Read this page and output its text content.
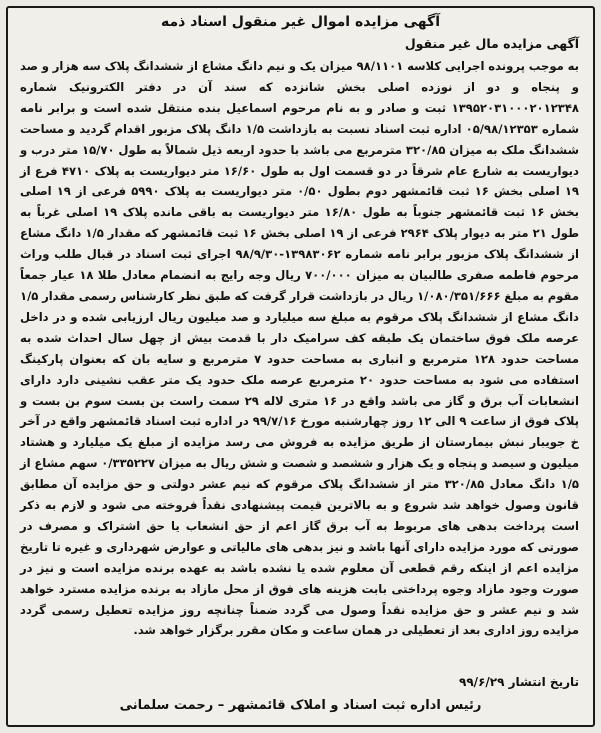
آگهی مزایده اموال غیر منقول اسناد ذمه
آگهی مزایده مال غیر منقول
به موجب پرونده اجرایی کلاسه ۹۸/۱۱۰۱ میزان یک و نیم دانگ مشاع از ششدانگ پلاک سه هزار و صد و پنجاه و دو از نوزده اصلی بخش شانزده که سند آن در دفتر الکترونیک شماره ۱۳۹۵۲۰۳۱۰۰۰۲۰۱۲۳۴۸ ثبت و صادر و به نام مرحوم اسماعیل بنده منتقل شده است و برابر نامه شماره ۰۵/۹۸/۱۲۳۵۳ اداره ثبت اسناد نسبت به بازداشت ۱/۵ دانگ پلاک مزبور اقدام گردید و مساحت ششدانگ ملک به میزان ۳۲۰/۸۵ مترمربع می باشد با حدود اربعه ذیل شمالاً به طول ۱۵/۷۰ متر درب و دیواریست به شارع عام شرقاً در دو قسمت اول به طول ۱۶/۶۰ متر دیواریست به پلاک ۴۷۱۰ فرع از ۱۹ اصلی بخش ۱۶ ثبت قائمشهر دوم بطول ۰/۵۰ متر دیواریست به پلاک ۵۹۹۰ فرعی از ۱۹ اصلی بخش ۱۶ ثبت قائمشهر جنوباً به طول ۱۶/۸۰ متر دیواریست به باقی مانده پلاک ۱۹ اصلی غرباً به طول ۲۱ متر به دیوار پلاک ۲۹۶۴ فرعی از ۱۹ اصلی بخش ۱۶ ثبت قائمشهر که مقدار ۱/۵ دانگ مشاع از ششدانگ پلاک مزبور برابر نامه شماره ۱۳۹۸۳۰۶۲-۹۸/۹/۳۰ اجرای ثبت اسناد در قبال طلب وراث مرحوم فاطمه صفری طالبیان به میزان ۷۰۰/۰۰۰ ریال وجه رایج به انضمام معادل طلا ۱۸ عیار جمعاً مقوم به مبلغ ۱/۰۸۰/۳۵۱/۶۶۶ ریال در بازداشت قرار گرفت که طبق نظر کارشناس رسمی مقدار ۱/۵ دانگ مشاع از ششدانگ پلاک مرقوم به مبلغ سه میلیارد و صد میلیون ریال ارزیابی شده و در داخل عرصه ملک فوق ساختمان یک طبقه کف سرامیک دار با قدمت بیش از چهل سال احداث شده به مساحت حدود ۱۲۸ مترمربع و انباری به مساحت حدود ۷ مترمربع و سایه بان که بعنوان پارکینگ استفاده می شود به مساحت حدود ۲۰ مترمربع عرصه ملک حدود یک متر عقب نشینی دارد دارای انشعابات آب برق و گاز می باشد واقع در ۱۶ متری لاله ۲۹ سمت راست بن بست سوم بن بست و پلاک فوق از ساعت ۹ الی ۱۲ روز چهارشنبه مورخ ۹۹/۷/۱۶ در اداره ثبت اسناد قائمشهر واقع در آخر خ جویبار نبش بیمارستان از طریق مزایده به فروش می رسد مزایده از مبلغ یک میلیارد و هشتاد میلیون و سیصد و پنجاه و یک هزار و ششصد و شصت و شش ریال به میزان ۰/۳۳۵۲۲۷ سهم مشاع از ۱/۵ دانگ معادل ۳۲۰/۸۵ متر از ششدانگ پلاک مرقوم که نیم عشر دولتی و حق مزایده آن مطابق قانون وصول خواهد شد شروع و به بالاترین قیمت پیشنهادی نقداً فروخته می شود و لازم به ذکر است پرداخت بدهی های مربوط به آب برق گاز اعم از حق انشعاب یا حق اشتراک و مصرف در صورتی که مورد مزایده دارای آنها باشد و نیز بدهی های مالیاتی و عوارض شهرداری و غیره تا تاریخ مزایده اعم از اینکه رقم قطعی آن معلوم شده یا نشده باشد به عهده برنده مزایده است و نیز در صورت وجود مازاد وجوه پرداختی بابت هزینه های فوق از محل مازاد به برنده مزایده مسترد خواهد شد و نیم عشر و حق مزایده نقداً وصول می گردد ضمناً چنانچه روز مزایده تعطیل رسمی گردد مزایده روز اداری بعد از تعطیلی در همان ساعت و مکان مقرر برگزار خواهد شد.
تاریخ انتشار ۹۹/۶/۲۹
رئیس اداره ثبت اسناد و املاک قائمشهر – رحمت سلمانی
